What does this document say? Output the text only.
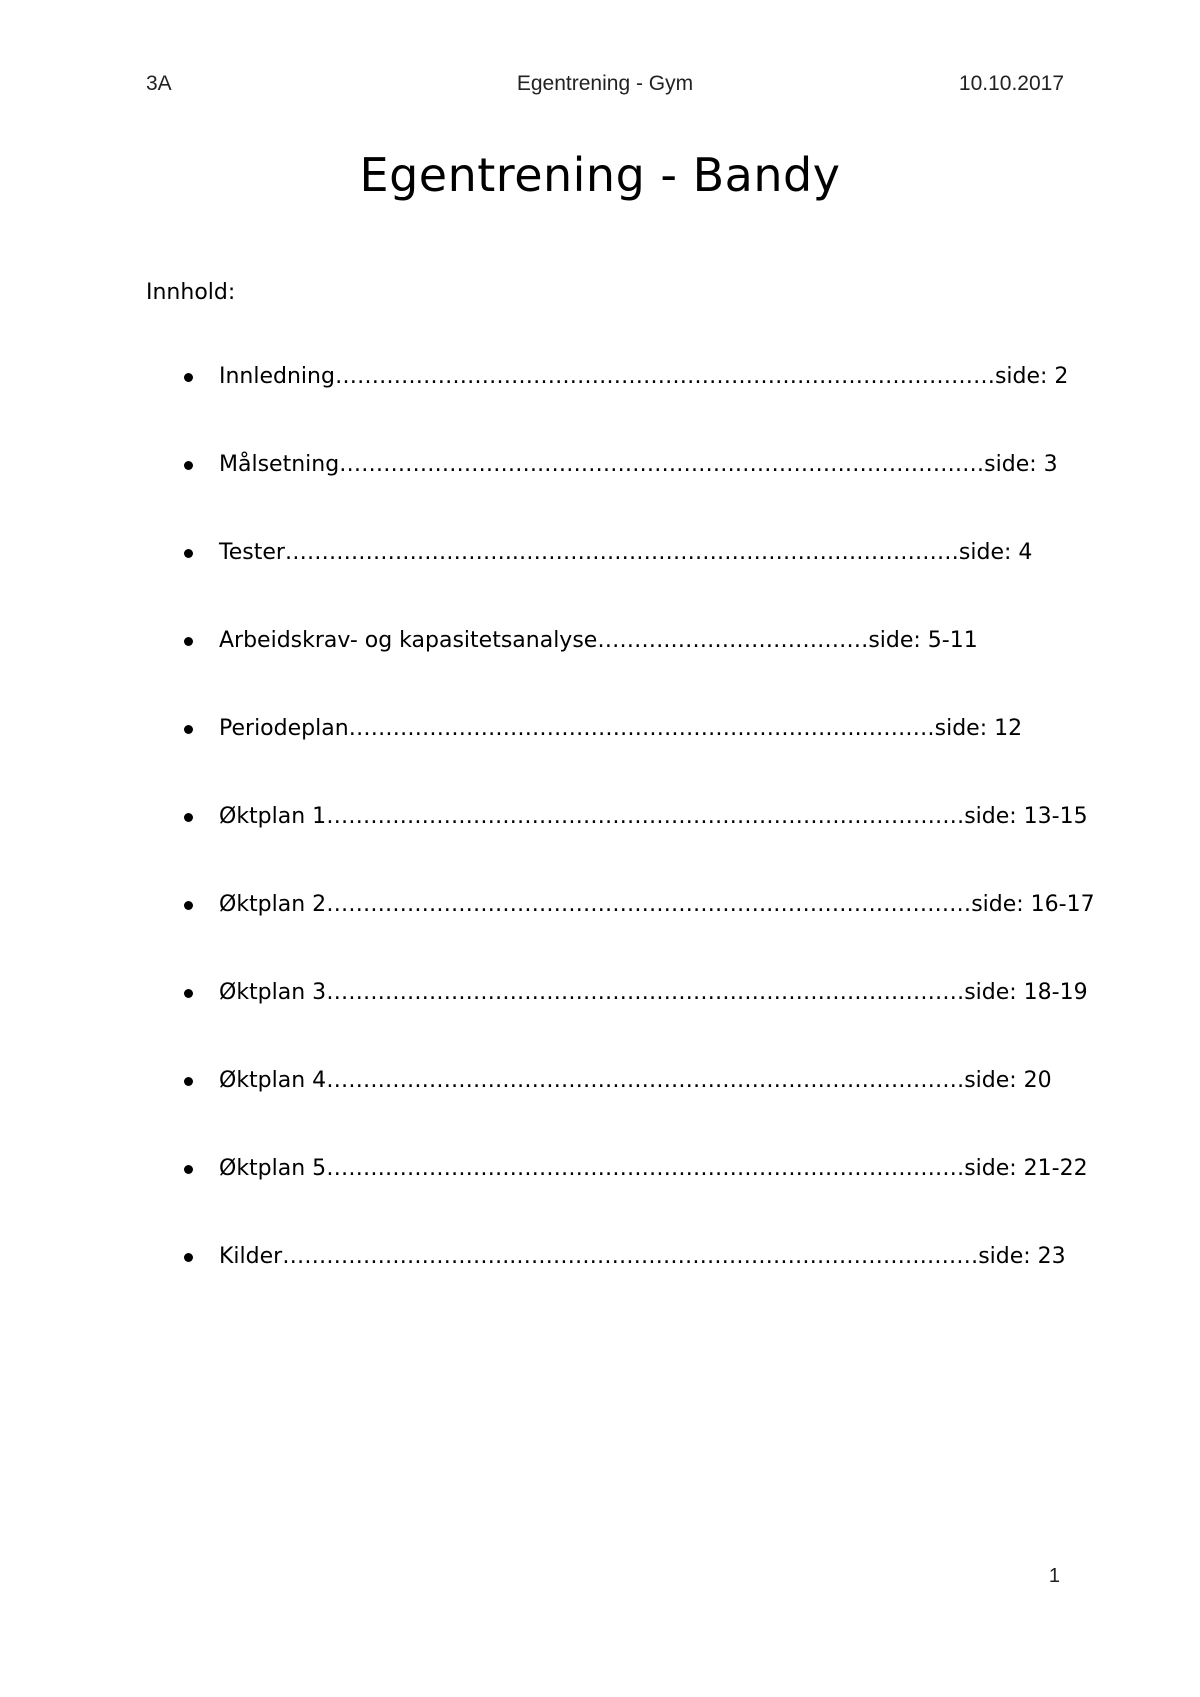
3A	Egentrening - Gym	10.10.2017
Egentrening - Bandy
Innhold:
Innledning………………………………………………………………………………side: 2
Målsetning……………………….……………………………………………………side: 3
Tester…………………………..……………………………………………………side: 4
Arbeidskrav- og kapasitetsanalyse……….………………………side: 5-11
Periodeplan……………………………………………………………..………side: 12
Øktplan 1……………………………………………………………………………side: 13-15
Øktplan 2…………………………………………………….………………………side: 16-17
Øktplan 3……………………………………………………………………………side: 18-19
Øktplan 4……………………………………………………………………………side: 20
Øktplan 5……………………………………………………………………………side: 21-22
Kilder…………………………..………………………………………………………side: 23
1
